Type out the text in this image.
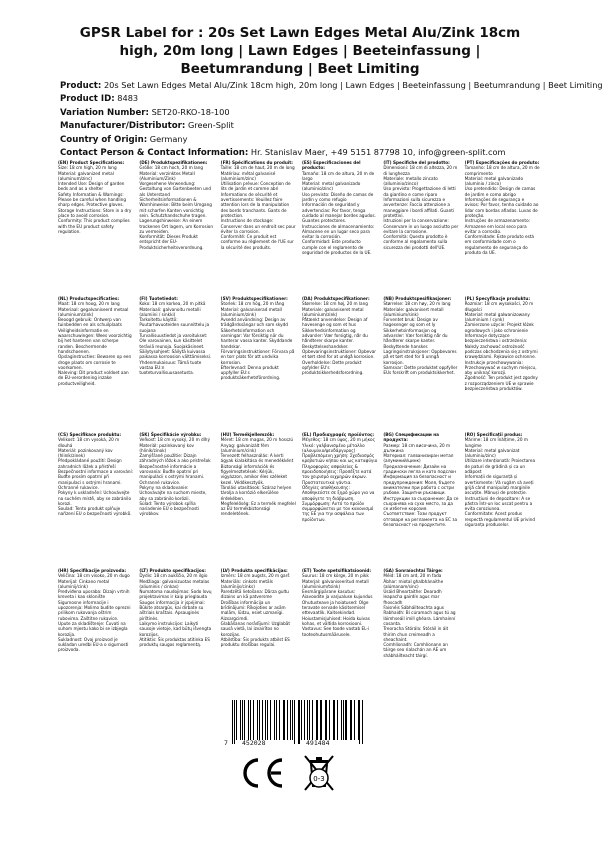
GPSR Label for : 20s Set Lawn Edges Metal Alu/Zink 18cm high, 20m long | Lawn Edges | Beeteinfassung | Beetumrandung | Beet Limiting
Product: 20s Set Lawn Edges Metal Alu/Zink 18cm high, 20m long | Lawn Edges | Beeteinfassung | Beetumrandung | Beet Limiting
Product ID: 8483
Variation Number: SET20-RKO-18-100
Manufacturer/Distributor: Green-Split
Country of Origin: Germany
Contact Person & Contact Information: Hr. Stanislav Maer, +49 5151 87798 10, info@green-split.com
(EN) Product Specifications:
Size: 18 cm high, 20 m long
Material: galvanized metal (aluminum/zinc)
Intended Use: Design of garden beds and as a shelter
Safety Information & Warnings: Please be careful when handling sharp edges. Protective gloves.
Storage Instructions: Store in a dry place to avoid corrosion.
Conformity: This product complies with the EU product safety regulation.
(DE) Produktspezifikationen:
Größe: 18 cm hoch, 20 m lang
Material: verzinktes Metall (Aluminium/Zink)
Vorgesehene Verwendung: Gestaltung von Gartenbeeten und als Unterstand
Sicherheitsinformationen & Warnhinweise: Bitte beim Umgang mit scharfen Kanten vorsichtig sein. Schutzhandschuhe tragen.
Lagerungshinweise: An einem trockenen Ort lagern, um Korrosion zu vermeiden.
Konformität: Dieses Produkt entspricht der EU-Produktsicherheitsverordnung.
(FR) Spécifications du produit:
Taille: 18 cm de haut, 20 m de long
Matériau: métal galvanisé (aluminium/zinc)
Utilisation prévue: Conception de lits de jardin et comme abri
Informations de sécurité et avertissements: Veuillez faire attention lors de la manipulation des bords tranchants. Gants de protection.
Instructions de stockage: Conserver dans un endroit sec pour éviter la corrosion.
Conformité: Ce produit est conforme au règlement de l'UE sur la sécurité des produits.
(ES) Especificaciones del producto:
Tamaño: 18 cm de altura, 20 m de largo
Material: metal galvanizado (aluminio/zinc)
Uso previsto: Diseño de camas de jardín y como refugio
Información de seguridad y advertencias: Por favor, tenga cuidado al manejar bordes agudos. Guantes protectores.
Instrucciones de almacenamiento: Almacene en un lugar seco para evitar la corrosión.
Conformidad: Este producto cumple con el reglamento de seguridad de productos de la UE.
(IT) Specifiche del prodotto:
Dimensioni: 18 cm di altezza, 20 m di lunghezza
Materiale: metallo zincato (alluminio/zinco)
Uso previsto: Progettazione di letti da giardino e come riparo
Informazioni sulla sicurezza e avvertenze: Faccia attenzione a maneggiare i bordi affilati. Guanti protettivi.
Istruzioni per la conservazione: Conservare in un luogo asciutto per evitare la corrosione.
Conformità: Questo prodotto è conforme al regolamento sulla sicurezza dei prodotti dell'UE.
(PT) Especificações do produto:
Tamanho: 18 cm de altura, 20 m de comprimento
Material: metal galvanizado (alumínio / zinco)
Uso pretendido: Design de camas de jardim e como abrigo
Informações de segurança e avisos: Por favor, tenha cuidado ao lidar com bordas afiadas. Luvas de proteção.
Instruções de armazenamento: Armazene em local seco para evitar a corrosão.
Conformidade: Este produto está em conformidade com o regulamento de segurança do produto da UE.
(NL) Productspecificaties:
Maat: 18 cm hoog, 20 m lang
Materiaal: gegalvaniseerd metaal (aluminium/zink)
Beoogd gebruik: Ontwerp van tuinbedden en als schuilplaats
Veiligheidsinformatie en waarschuwingen: Wees voorzichtig bij het hanteren van scherpe randen. Beschermende handschoenen.
Opslaginstructies: Bewaren op een droge plaats om corrosie te voorkomen.
Naleving: Dit product voldoet aan de EU-verordening inzake productveiligheid.
(FI) Tuotetiedot:
Koko: 18 cm korkea, 20 m pitkä
Materiaali: galvanoitu metalli (alumiini / sinkki)
Tarkoitettu käyttö: Puutarhavuoteiden suunnittelu ja suojana
Turvallisuustiedot ja varoitukset: Ole varovainen, kun käsittelet teräviä reunoja. Suojakäsineet.
Säilytysohjeet: Säilytä kuivassa paikassa korroosion välttämiseksi.
Yhdenmukaisuus: Tämä tuote vastaa EU:n tuoteturvallisuusasetusta.
(SV) Produktspecifikationer:
Storlek: 18 cm hög, 20 m lång
Material: galvaniserad metall (aluminium/zink)
Avsedd användning: Design av trädgårdssängar och som skydd
Säkerhetsinformation och varningar: Var försiktig när du hanterar vassa kanter. Skyddande handskar.
Förvaringsinstruktioner: Förvara på en torr plats för att undvika korrosion.
Efterlevnad: Denna produkt uppfyller EU:s produktsäkerhetsförordning.
(DA) Produktspecifikationer:
Størrelse: 18 cm høj, 20 m lang
Materiale: galvaniseret metal (aluminium/zink)
Påtænkt anvendelse: Design af havesenge og som et hus
Sikkerhedsinformation og advarsler: Vær forsigtig, når du håndterer skarpe kanter. Beskyttelseshandsker.
Opbevaringsinstruktioner: Opbevar et tørt sted for at undgå korrosion.
Overholdelse: Dette produkt opfylder EU's produktsikkerhedsforordning.
(NB) Produktspesifikasjoner:
Størrelse: 18 cm høy, 20 m lang
Materiale: galvanisert metall (aluminium/sink)
Forventet bruk: Design av hagesenger og som et ly
Sikkerhetsinformasjon og advarsler: Vær forsiktig når du håndterer skarpe kanter. Beskyttende hansker.
Lagringsinstruksjoner: Oppbevares på et tørt sted for å unngå korrosjon.
Samsvar: Dette produktet oppfyller EUs forskrift om produktsikkerhet.
(PL) Specyfikacje produktu:
Rozmiar: 18 cm wysokości, 20 m długości
Materiał: metal galwanizowany (aluminium / cynk)
Zamierzone użycie: Projekt łóżek ogrodowych i jako schronienie
Informacje dotyczące bezpieczeństwa i ostrzeżenia: Należy zachować ostrożność podczas obchodzenia się z ostrymi krawędziami. Rękawice ochronne.
Instrukcje przechowywania: Przechowywać w suchym miejscu, aby uniknąć korozji.
Zgodność: Ten produkt jest zgodny z rozporządzeniem UE w sprawie bezpieczeństwa produktów.
(CS) Specifikace produktu:
Velikost: 18 cm vysoká, 20 m dlouhá
Materiál: pozinkovaný kov (hliník/zinek)
Předpokládané použití: Design zahradních lůžek a přístřeší
Bezpečnostní informace a varování: Buďte prosím opatrní při manipulaci s ostrými hranami. Ochranné rukavice.
Pokyny k uskladnění: Uchovávejte na suchém místě, aby se zabránilo korozi.
Soulad: Tento produkt splňuje nařízení EU o bezpečnosti výrobků.
(SK) Špecifikácie výrobku:
Veľkosť: 18 cm vysoký, 20 m dlhý
Materiál: pozinkovaný kov (hliník/zinok)
Zamýšľané použitie: Dizajn záhradných lôžok a ako prístrešok
Bezpečnostné informácie a varovania: Buďte opatrní pri manipulácii s ostrými hranami. Ochranné rukavice.
Pokyny na skladovanie: Uchovávajte na suchom mieste, aby sa zabránilo korózii.
Súlad: Tento výrobok spĺňa nariadenie EÚ o bezpečnosti výrobkov.
(HU) Termékjellemzők:
Méret: 18 cm magas, 20 m hosszú
Anyag: galvanizált fém (alumínium/cink)
Tervezett felhasználás: A kerti ágyak kialakítása és menedékként
Biztonsági információk és figyelmeztetések: Kérjük, vigyázzon, amikor éles széleket kezel. Védőkesztyűk.
Tárolási utasítások: Száraz helyen tárolja a korrózió elkerülése érdekében.
Megfelelőség: Ez a termék megfelel az EU termékbiztonsági rendeletének.
(EL) Προδιαγραφές προϊόντος:
Μέγεθος: 18 cm ύψος, 20 m μήκος
Υλικό: γαλβανισμένο μέταλλο (αλουμίνιο/ψευδάργυρος)
Προβλεπόμενη χρήση: Σχεδιασμός κρεβατιών κήπου και ως καταφύγιο
Πληροφορίες ασφαλείας & προειδοποιήσεις: Προσέξτε κατά τον χειρισμό αιχμηρών άκρων. Προστατευτικά γάντια.
Οδηγίες αποθήκευσης: Αποθηκεύστε σε ξηρό χώρο για να αποφύγετε τη διάβρωση.
Συμμόρφωση: Αυτό το προϊόν συμμορφώνεται με τον κανονισμό της ΕΕ για την ασφάλεια των προϊόντων.
(BG) Спецификации на продукта:
Размер: 18 cm височина, 20 m дължина
Материал: галванизиран метал (алуминий/цинк)
Предназначение: Дизайн на градински легла и като подслон
Информация за безопасност и предупреждения: Моля, бъдете внимателни при работа с остри ръбове. Защитни ръкавици.
Инструкции за съхранение: Да се съхранява на сухо място, за да се избегне корозия.
Съответствие: Този продукт отговаря на регламента на ЕС за безопасност на продуктите.
(RO) Specificații produs:
Mărime: 18 cm înălțime, 20 m lungime
Material: metal galvanizat (aluminiu/zinc)
Utilizare intenționată: Proiectarea de paturi de grădină și ca un adăpost
Informații de siguranță și avertismente: Vă rugăm să aveți grijă când manipulați marginile ascuțite. Mănuși de protecție.
Instrucțiuni de depozitare: A se păstra într-un loc uscat pentru a evita coroziunea.
Conformitate: Acest produs respectă regulamentul UE privind siguranța produselor.
(HR) Specifikacije proizvoda:
Veličina: 18 cm visoko, 20 m dugo
Materijal: Cinkano metal (aluminij/cink)
Predviđena uporaba: Dizajn vrtnih kreveta i kao sklonište
Sigurnosne informacije i upozorenja: Molimo budite oprezni prilikom rukovanja oštrim rubovima. Zaštitne rukavice.
Upute za skladištenje: Čuvati na suhom mjestu kako bi se izbjegla korozija.
Sukladnost: Ovaj proizvod je sukladan uredbi EU-a o sigurnosti proizvoda.
(LT) Produkto specifikacijos:
Dydis: 18 cm aukščio, 20 m ilgio
Medžiaga: galvanizuotas metalas (aliuminis / cinkas)
Numatoma naudojimas: Sodo lovų projektavimas ir kaip prieglauda
Saugos informacija ir įspėjimai: Būkite atsargūs, kai dirbate su aštriais kraštais. Apsauginės pirštinės.
Laikymo instrukcijos: Laikyti sausoje vietoje, kad būtų išvengta korozijos.
Atitiktis: Šis produktas atitinka ES produktų saugos reglamentą.
(LV) Produkta specifikācijas:
Izmērs: 18 cm augsts, 20 m garš
Materiāls: cinkots metāls (alumīnijs/cinks)
Paredzētā lietošana: Dārza gultu dizains un kā patversme
Drošības informācija un brīdinājumi: Rīkojoties ar asām malām, lūdzu, esiet uzmanīgi. Aizsargcimdi.
Glabāšanas norādījumi: Uzglabāt sausā vietā, lai izvairītos no korozijas.
Atbilstība: Šis produkts atbilst ES produktu drošības regulai.
(ET) Toote spetsifikatsioonid:
Suurus: 18 cm kõrge, 20 m pikk
Materjal: galvaniseeritud metall (alumiinium/tsink)
Eesmärgipärane kasutus: Aiavoodite ja varjualuse kujundus
Ohutusteave ja hoiatused: Olge teravate servade käsitsemisel ettevaatlik. Kaitsekindad.
Hoiustamisjuhised: Hoida kuivas kohas, et vältida korrosiooni.
Vastavus: See toode vastab EL-i tooteohutusmäärusele.
(GA) Sonraíochtaí Táirge:
Méid: 18 cm ard, 20 m fada
Ábhar: miotal ghalbhánaithe (alúmanam/sinc)
Úsáid Bheartaithe: Dearadh leapacha gairdín agus mar fhoscadh
Faisnéis Sábháilteachta agus Rabhaidh: Bí cúramach agus tú ag láimhseáil imill ghéara. Lámhainní cosanta.
Treoracha Stórála: Stóráil in áit thirim chun creimeadh a sheachaint.
Comhlíonadh: Comhlíonann an táirge seo rialachán an AE um shábháilteacht táirgí.
7 452028	491484
0-3
